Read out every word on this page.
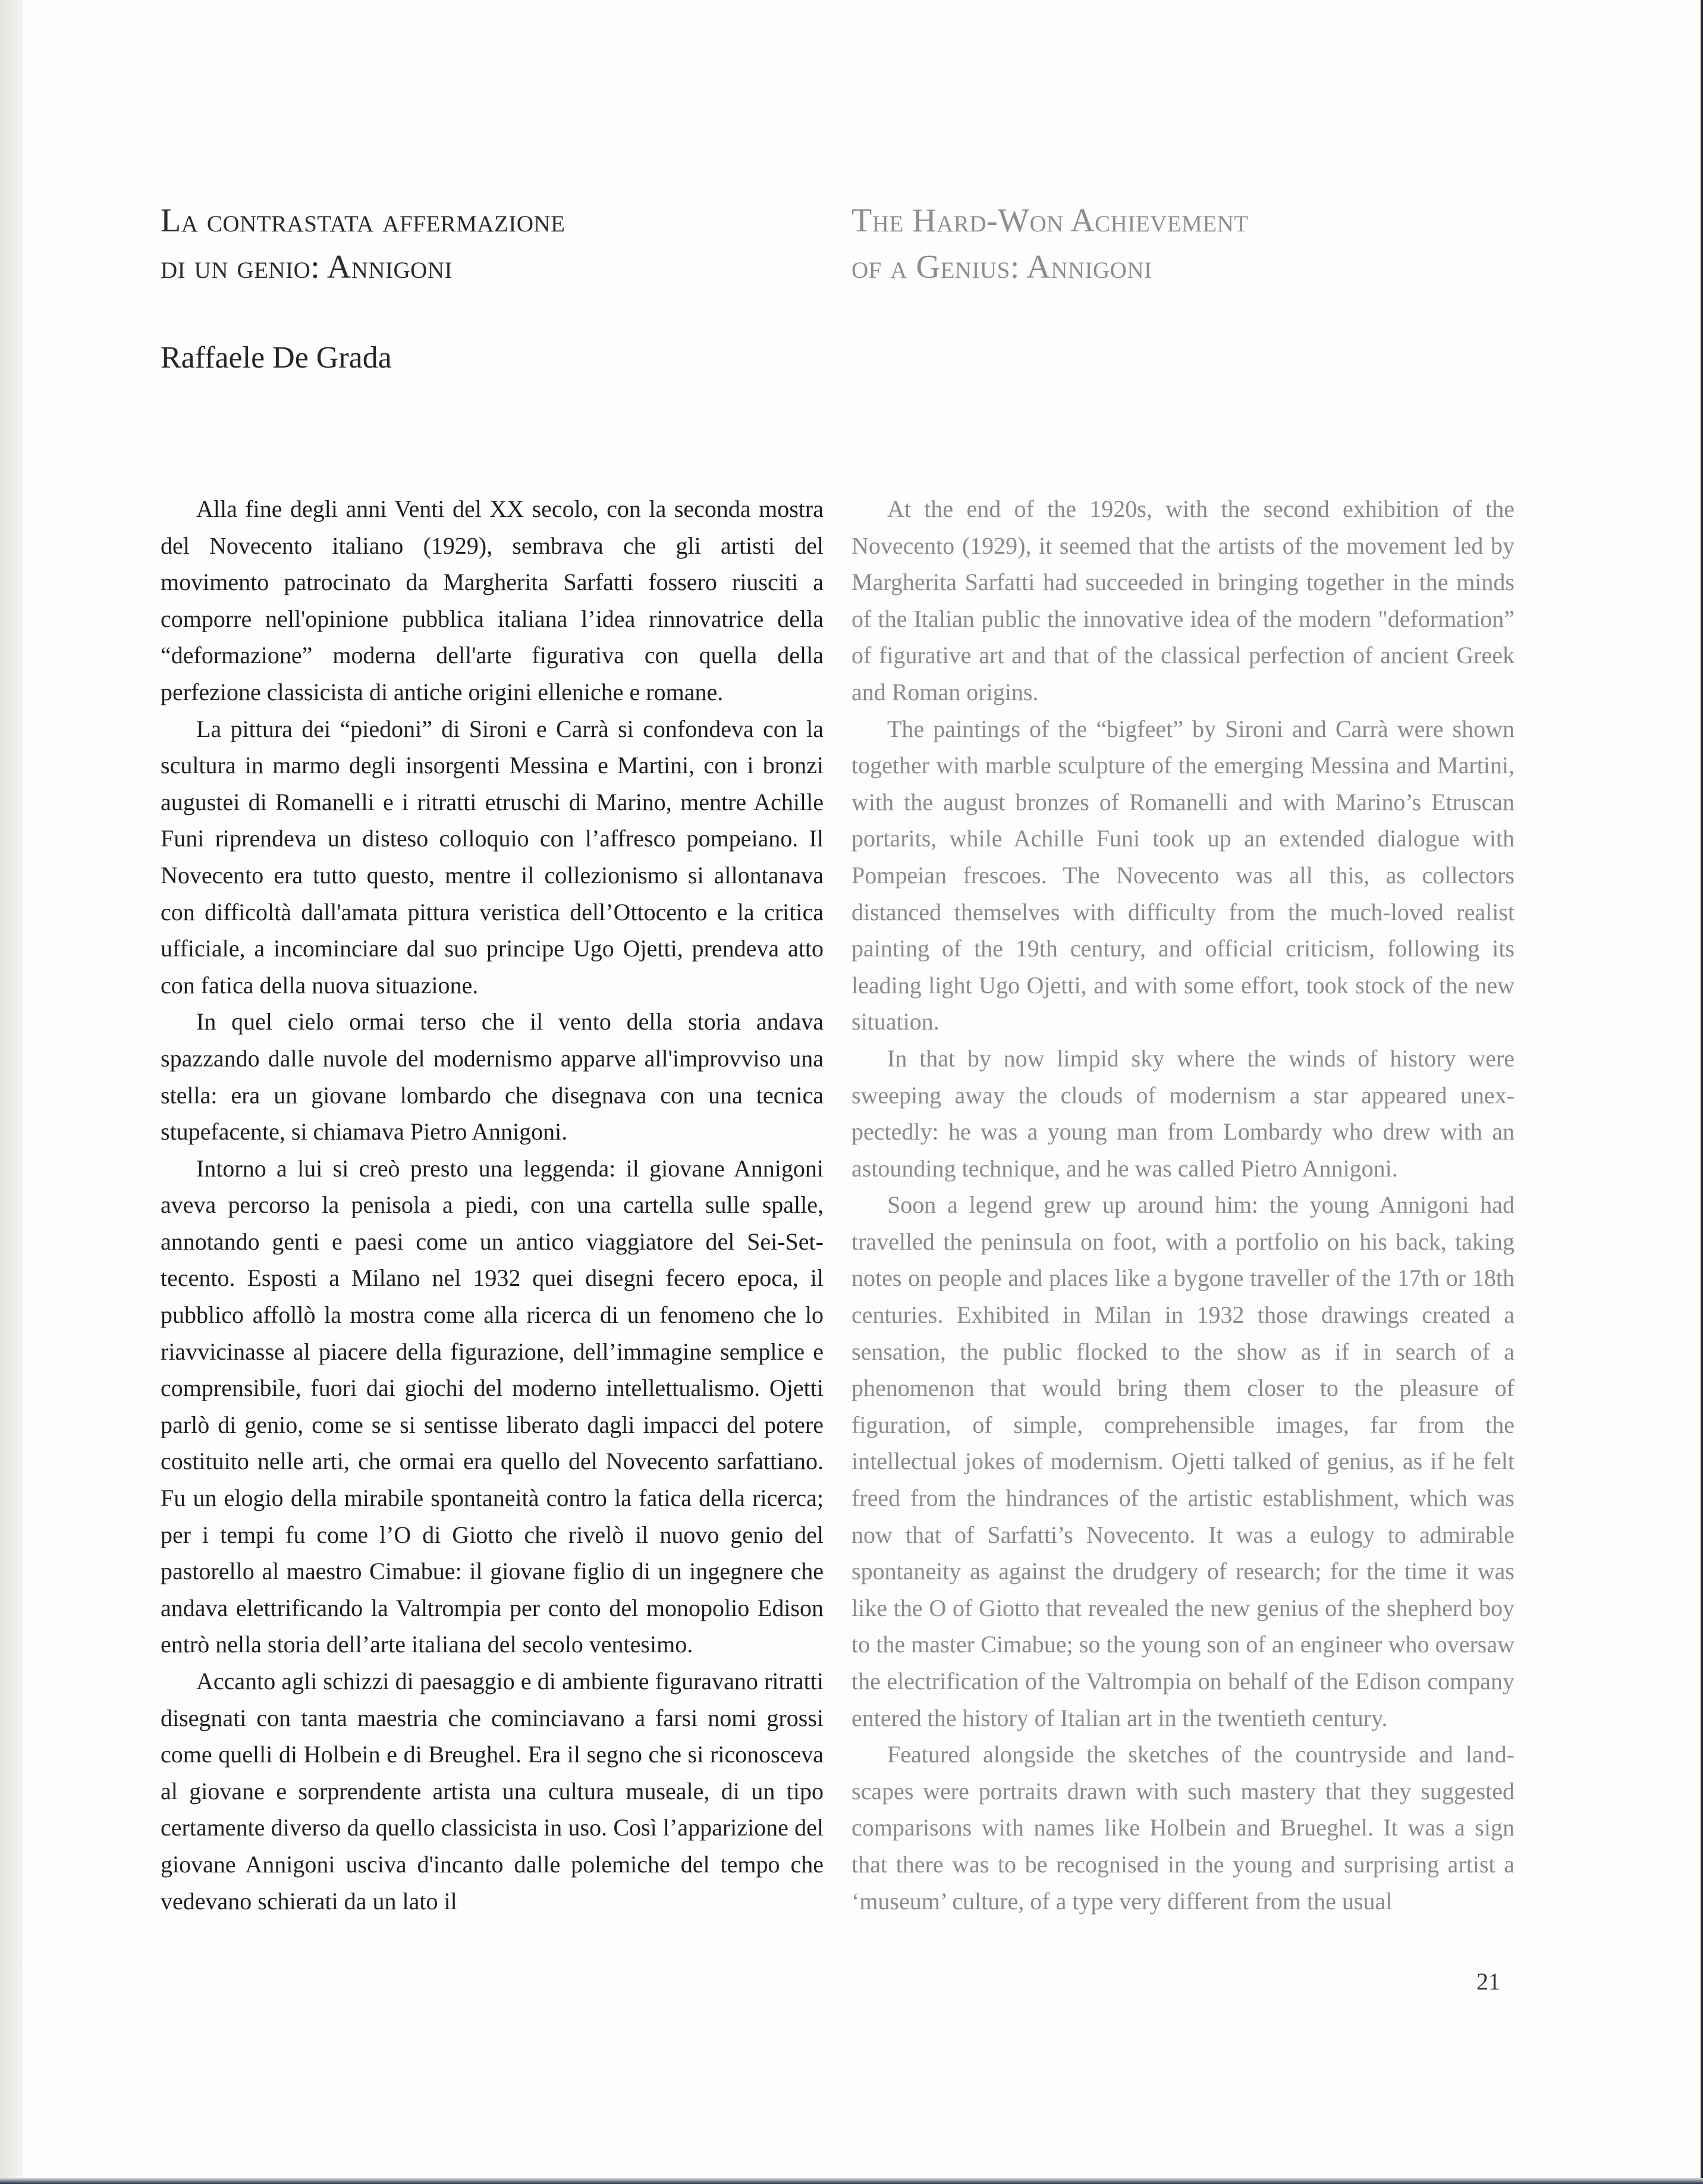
La contrastata affermazione
di un genio: Annigoni
Raffaele De Grada

Alla fine degli anni Venti del XX secolo, con la seconda mostra del Novecento italiano (1929), sembrava che gli artisti del movimento patrocinato da Margherita Sarfatti fossero riusciti a comporre nell'opinione pubblica italiana l’idea rinnovatrice della “deformazione” moderna dell'arte figurativa con quella della perfezione classicista di antiche origini elleniche e romane.

La pittura dei “piedoni” di Sironi e Carrà si confondeva con la scultura in marmo degli insorgenti Messina e Martini, con i bronzi augustei di Romanelli e i ritratti etruschi di Marino, mentre Achille Funi riprendeva un disteso colloquio con l’affresco pompeiano. Il Novecento era tutto questo, mentre il collezionismo si allontanava con difficoltà dall'amata pittura veristica dell’Ottocento e la critica ufficiale, a incominciare dal suo principe Ugo Ojetti, prendeva atto con fatica della nuova situazione.

In quel cielo ormai terso che il vento della storia andava spazzando dalle nuvole del modernismo apparve all'improvviso una stella: era un giovane lombardo che disegnava con una tecnica stupefacente, si chiamava Pietro Annigoni.

Intorno a lui si creò presto una leggenda: il giovane Annigoni aveva percorso la penisola a piedi, con una cartella sulle spalle, annotando genti e paesi come un antico viaggiatore del Sei-Settecento. Esposti a Milano nel 1932 quei disegni fecero epoca, il pubblico affollò la mostra come alla ricerca di un fenomeno che lo riavvicinasse al piacere della figurazione, dell’immagine semplice e comprensibile, fuori dai giochi del moderno intellettualismo. Ojetti parlò di genio, come se si sentisse liberato dagli impacci del potere costituito nelle arti, che ormai era quello del Novecento sarfattiano. Fu un elogio della mirabile spontaneità contro la fatica della ricerca; per i tempi fu come l’O di Giotto che rivelò il nuovo genio del pastorello al maestro Cimabue: il giovane figlio di un ingegnere che andava elettrificando la Valtrompia per conto del monopolio Edison entrò nella storia dell’arte italiana del secolo ventesimo.

Accanto agli schizzi di paesaggio e di ambiente figuravano ritratti disegnati con tanta maestria che cominciavano a farsi nomi grossi come quelli di Holbein e di Breughel. Era il segno che si riconosceva al giovane e sorprendente artista una cultura museale, di un tipo certamente diverso da quello classicista in uso. Così l’apparizione del giovane Annigoni usciva d'incanto dalle polemiche del tempo che vedevano schierati da un lato il

The Hard-Won Achievement
of a Genius: Annigoni

At the end of the 1920s, with the second exhibition of the Novecento (1929), it seemed that the artists of the movement led by Margherita Sarfatti had succeeded in bringing together in the minds of the Italian public the innovative idea of the modern "deformation” of figurative art and that of the classical perfection of ancient Greek and Roman origins.

The paintings of the “bigfeet” by Sironi and Carrà were shown together with marble sculpture of the emerging Messina and Martini, with the august bronzes of Romanelli and with Marino’s Etruscan portarits, while Achille Funi took up an extended dialogue with Pompeian frescoes. The Novecento was all this, as collectors distanced themselves with difficulty from the much-loved realist painting of the 19th century, and official criticism, following its leading light Ugo Ojetti, and with some effort, took stock of the new situation.

In that by now limpid sky where the winds of history were sweeping away the clouds of modernism a star appeared unexpectedly: he was a young man from Lombardy who drew with an astounding technique, and he was called Pietro Annigoni.

Soon a legend grew up around him: the young Annigoni had travelled the peninsula on foot, with a portfolio on his back, taking notes on people and places like a bygone traveller of the 17th or 18th centuries. Exhibited in Milan in 1932 those drawings created a sensation, the public flocked to the show as if in search of a phenomenon that would bring them closer to the pleasure of figuration, of simple, comprehensible images, far from the intellectual jokes of modernism. Ojetti talked of genius, as if he felt freed from the hindrances of the artistic establishment, which was now that of Sarfatti’s Novecento. It was a eulogy to admirable spontaneity as against the drudgery of research; for the time it was like the O of Giotto that revealed the new genius of the shepherd boy to the master Cimabue; so the young son of an engineer who oversaw the electrification of the Valtrompia on behalf of the Edison company entered the history of Italian art in the twentieth century.

Featured alongside the sketches of the countryside and landscapes were portraits drawn with such mastery that they suggested comparisons with names like Holbein and Brueghel. It was a sign that there was to be recognised in the young and surprising artist a ‘museum’ culture, of a type very different from the usual

21
